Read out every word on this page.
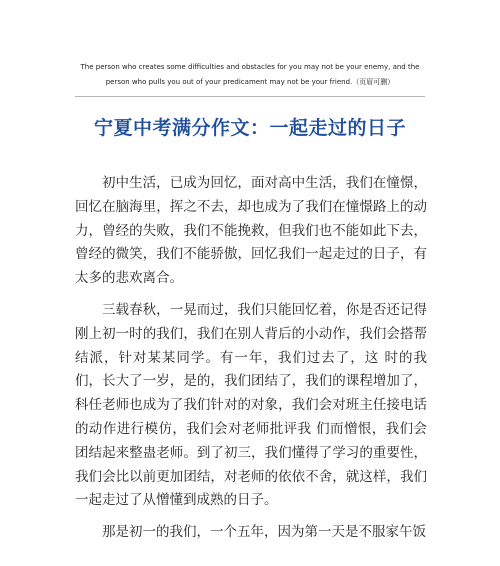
The person who creates some difficulties and obstacles for you may not be your enemy, and the person who pulls you out of your predicament may not be your friend.（页眉可删）
宁夏中考满分作文：一起走过的日子

初中生活，已成为回忆，面对高中生活，我们在憧憬，回忆在脑海里，挥之不去，却也成为了我们在憧憬路上的动力，曾经的失败，我们不能挽救，但我们也不能如此下去，曾经的微笑，我们不能骄傲，回忆我们一起走过的日子，有太多的悲欢离合。

三载春秋，一晃而过，我们只能回忆着，你是否还记得刚上初一时的我们，我们在别人背后的小动作，我们会搭帮结派，针对某某同学。有一年，我们过去了，这 时的我们，长大了一岁，是的，我们团结了，我们的课程增加了，科任老师也成为了我们针对的对象，我们会对班主任接电话的动作进行模仿，我们会对老师批评我 们而憎恨，我们会团结起来整蛊老师。到了初三，我们懂得了学习的重要性，我们会比以前更加团结，对老师的依依不舍，就这样，我们一起走过了从憎懂到成熟的日子。

那是初一的我们，一个五年，因为第一天是不服家午饭
